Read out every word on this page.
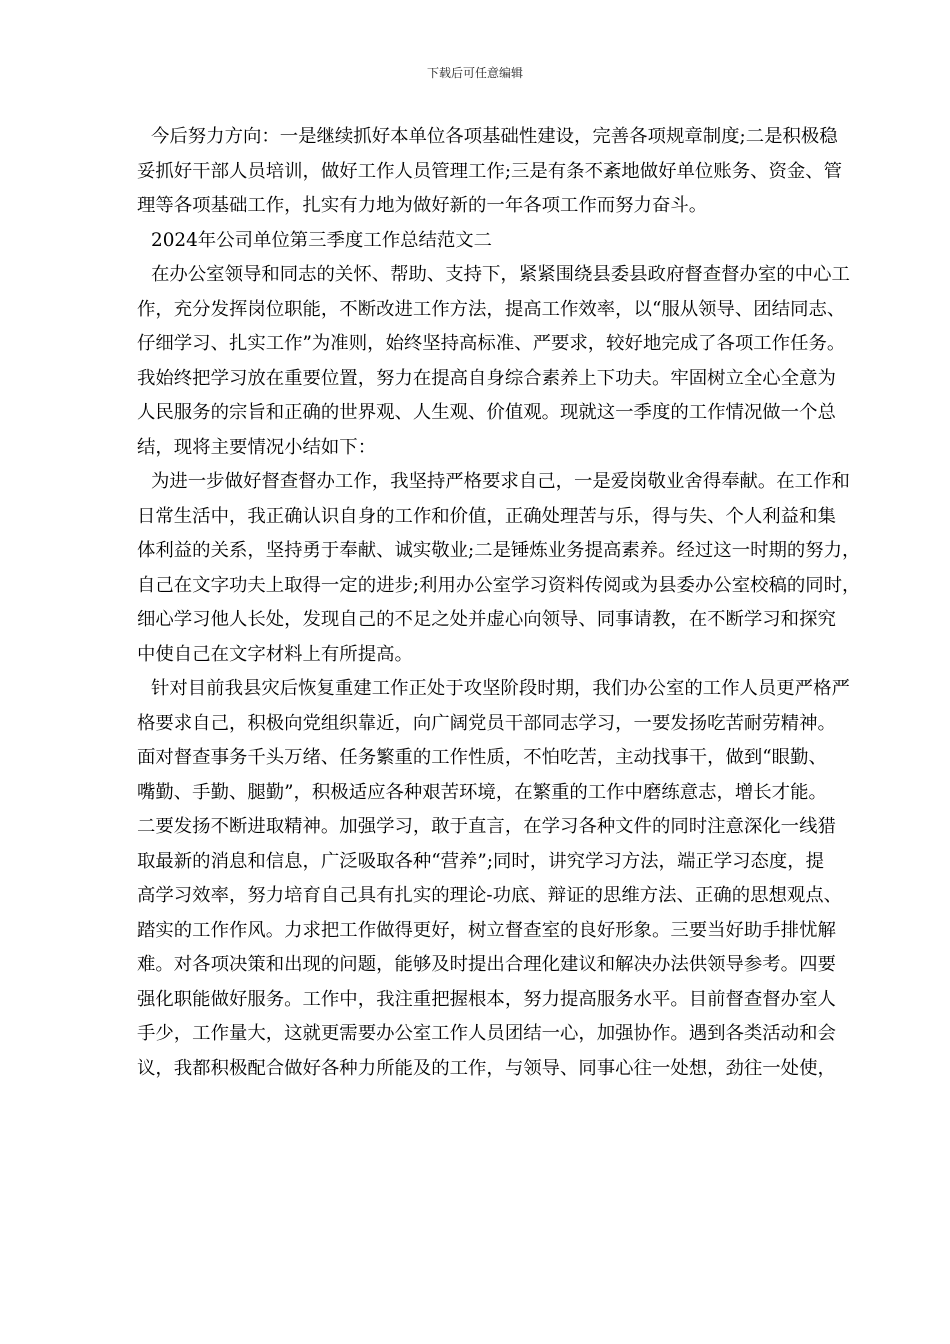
下载后可任意编辑
今后努力方向：一是继续抓好本单位各项基础性建设，完善各项规章制度;二是积极稳
妥抓好干部人员培训，做好工作人员管理工作;三是有条不紊地做好单位账务、资金、管
理等各项基础工作，扎实有力地为做好新的一年各项工作而努力奋斗。
2024年公司单位第三季度工作总结范文二
在办公室领导和同志的关怀、帮助、支持下，紧紧围绕县委县政府督查督办室的中心工
作，充分发挥岗位职能，不断改进工作方法，提高工作效率，以“服从领导、团结同志、
仔细学习、扎实工作”为准则，始终坚持高标准、严要求，较好地完成了各项工作任务。
我始终把学习放在重要位置，努力在提高自身综合素养上下功夫。牢固树立全心全意为
人民服务的宗旨和正确的世界观、人生观、价值观。现就这一季度的工作情况做一个总
结，现将主要情况小结如下：
为进一步做好督查督办工作，我坚持严格要求自己，一是爱岗敬业舍得奉献。在工作和
日常生活中，我正确认识自身的工作和价值，正确处理苦与乐，得与失、个人利益和集
体利益的关系，坚持勇于奉献、诚实敬业;二是锤炼业务提高素养。经过这一时期的努力，
自己在文字功夫上取得一定的进步;利用办公室学习资料传阅或为县委办公室校稿的同时，
细心学习他人长处，发现自己的不足之处并虚心向领导、同事请教，在不断学习和探究
中使自己在文字材料上有所提高。
针对目前我县灾后恢复重建工作正处于攻坚阶段时期，我们办公室的工作人员更严格严
格要求自己，积极向党组织靠近，向广阔党员干部同志学习，一要发扬吃苦耐劳精神。
面对督查事务千头万绪、任务繁重的工作性质，不怕吃苦，主动找事干，做到“眼勤、
嘴勤、手勤、腿勤”，积极适应各种艰苦环境，在繁重的工作中磨练意志，增长才能。
二要发扬不断进取精神。加强学习，敢于直言，在学习各种文件的同时注意深化一线猎
取最新的消息和信息，广泛吸取各种“营养”;同时，讲究学习方法，端正学习态度，提
高学习效率，努力培育自己具有扎实的理论-功底、辩证的思维方法、正确的思想观点、
踏实的工作作风。力求把工作做得更好，树立督查室的良好形象。三要当好助手排忧解
难。对各项决策和出现的问题，能够及时提出合理化建议和解决办法供领导参考。四要
强化职能做好服务。工作中，我注重把握根本，努力提高服务水平。目前督查督办室人
手少，工作量大，这就更需要办公室工作人员团结一心，加强协作。遇到各类活动和会
议，我都积极配合做好各种力所能及的工作，与领导、同事心往一处想，劲往一处使，
